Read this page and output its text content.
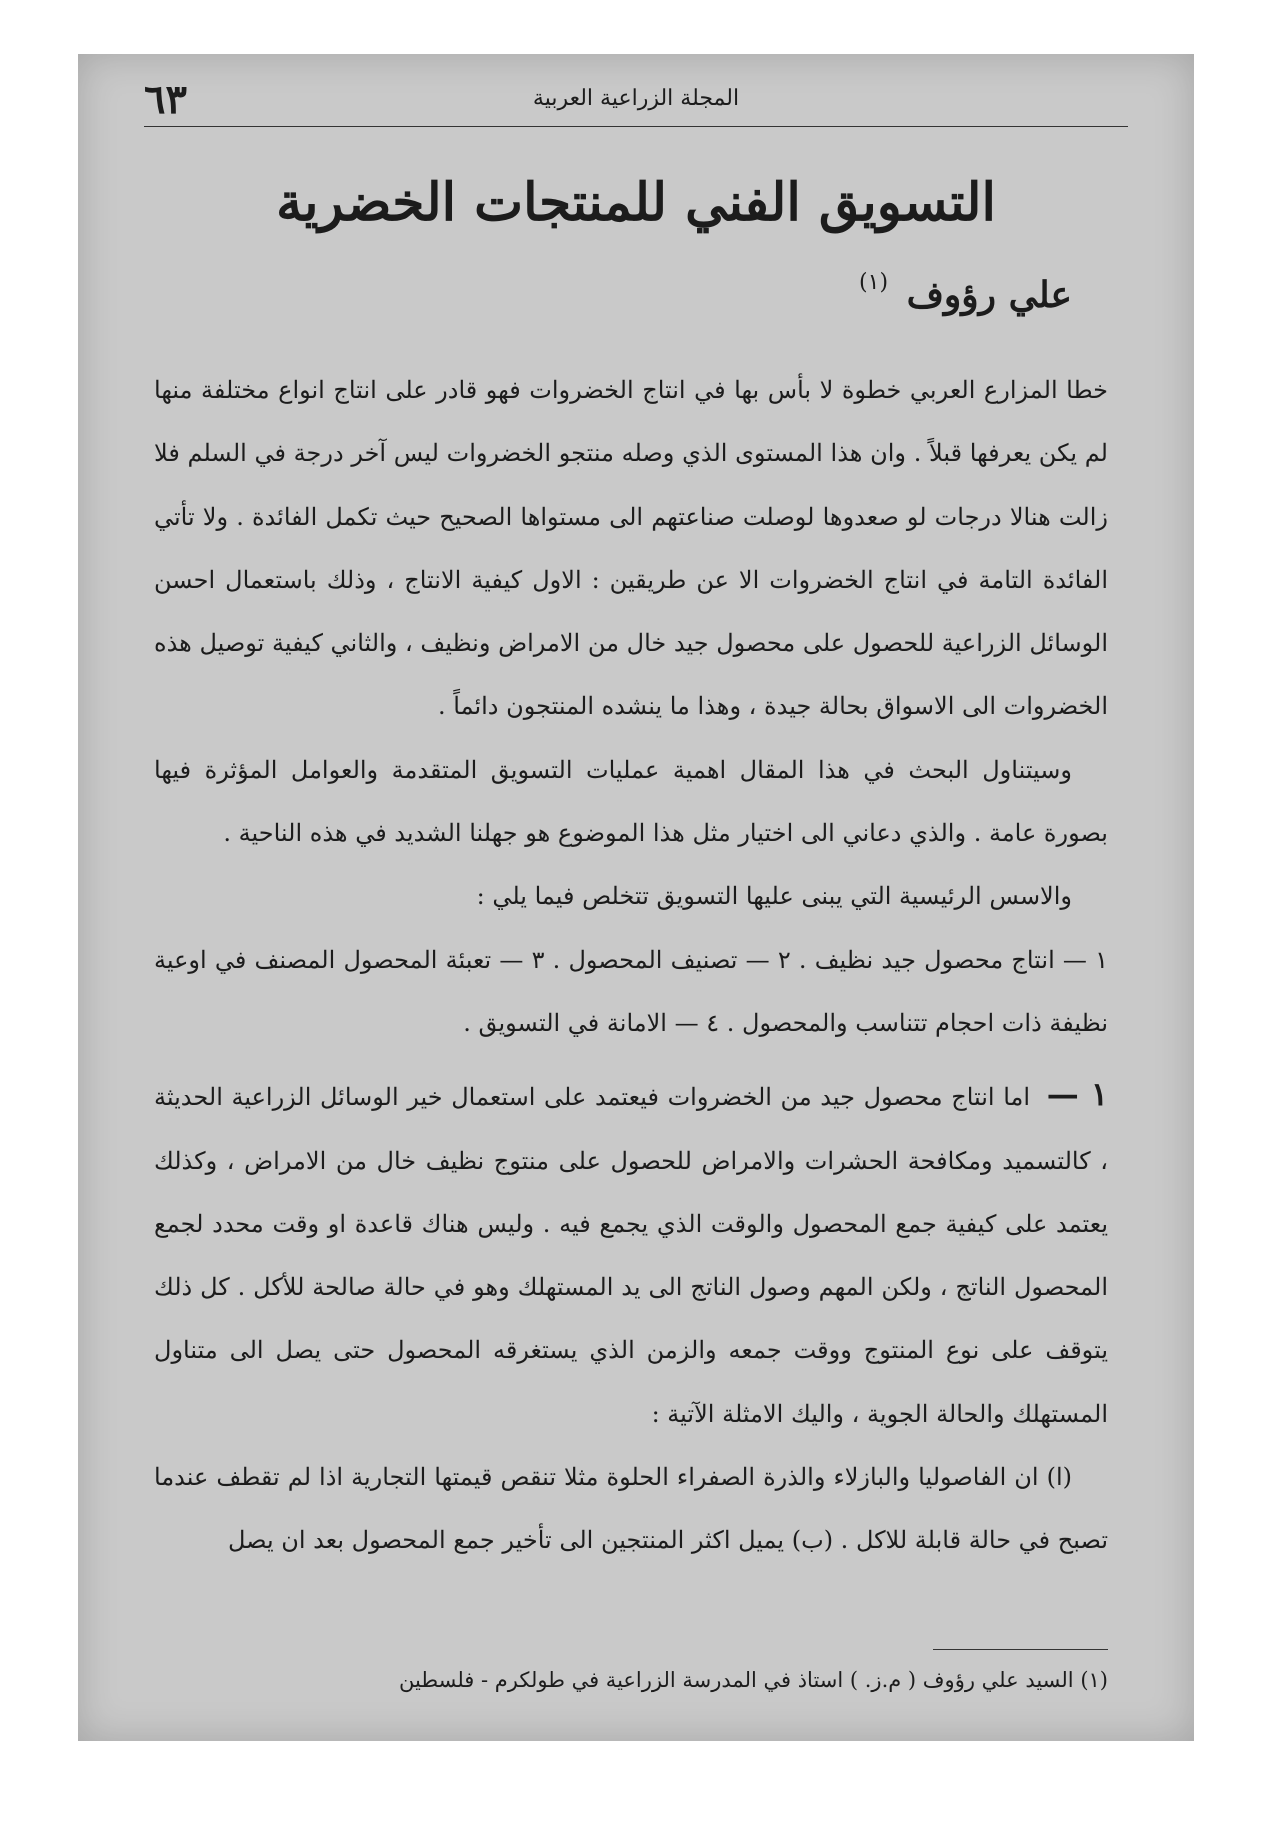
٦٣	المجلة الزراعية العربية
التسويق الفني للمنتجات الخضرية
علي رؤوف $^{(١)}$

خطا المزارع العربي خطوة لا بأس بها في انتاج الخضروات فهو قادر على انتاج انواع مختلفة منها لم يكن يعرفها قبلاً . وان هذا المستوى الذي وصله منتجو الخضروات ليس آخر درجة في السلم فلا زالت هنالا درجات لو صعدوها لوصلت صناعتهم الى مستواها الصحيح حيث تكمل الفائدة . ولا تأتي الفائدة التامة في انتاج الخضروات الا عن طريقين : الاول كيفية الانتاج ، وذلك باستعمال احسن الوسائل الزراعية للحصول على محصول جيد خال من الامراض ونظيف ، والثاني كيفية توصيل هذه الخضروات الى الاسواق بحالة جيدة ، وهذا ما ينشده المنتجون دائماً .

وسيتناول البحث في هذا المقال اهمية عمليات التسويق المتقدمة والعوامل المؤثرة فيها بصورة عامة . والذي دعاني الى اختيار مثل هذا الموضوع هو جهلنا الشديد في هذه الناحية .

والاسس الرئيسية التي يبنى عليها التسويق تتخلص فيما يلي :

١ — انتاج محصول جيد نظيف . ٢ — تصنيف المحصول . ٣ — تعبئة المحصول المصنف في اوعية نظيفة ذات احجام تتناسب والمحصول . ٤ — الامانة في التسويق .

١ — اما انتاج محصول جيد من الخضروات فيعتمد على استعمال خير الوسائل الزراعية الحديثة ، كالتسميد ومكافحة الحشرات والامراض للحصول على منتوج نظيف خال من الامراض ، وكذلك يعتمد على كيفية جمع المحصول والوقت الذي يجمع فيه . وليس هناك قاعدة او وقت محدد لجمع المحصول الناتج ، ولكن المهم وصول الناتج الى يد المستهلك وهو في حالة صالحة للأكل . كل ذلك يتوقف على نوع المنتوج ووقت جمعه والزمن الذي يستغرقه المحصول حتى يصل الى متناول المستهلك والحالة الجوية ، واليك الامثلة الآتية :

(ا) ان الفاصوليا والبازلاء والذرة الصفراء الحلوة مثلا تنقص قيمتها التجارية اذا لم تقطف عندما تصبح في حالة قابلة للاكل . (ب) يميل اكثر المنتجين الى تأخير جمع المحصول بعد ان يصل

(١) السيد علي رؤوف ( م.ز. ) استاذ في المدرسة الزراعية في طولكرم - فلسطين
